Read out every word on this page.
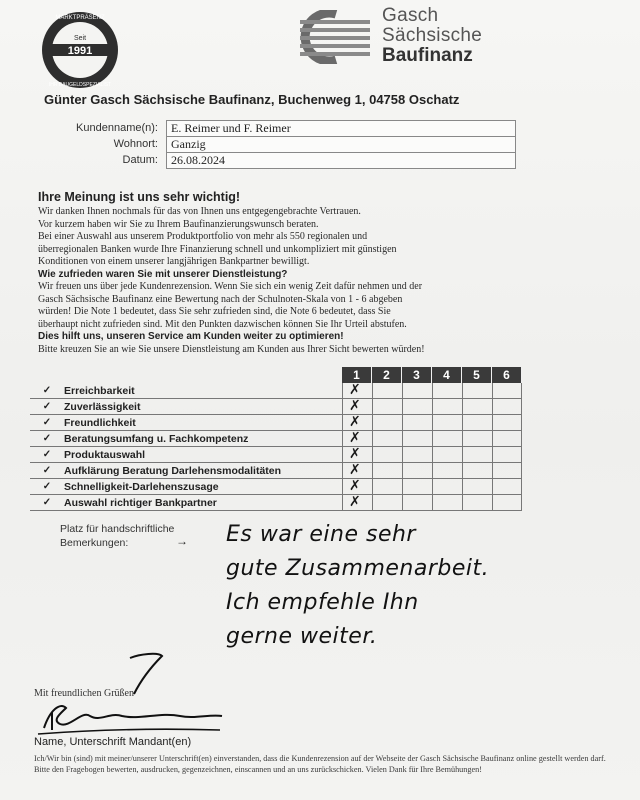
Seit
1991
MARKTPRÄSENZ
IHR BAUGELDSPEZIALIST
Gasch
Sächsische
Baufinanz
Günter Gasch Sächsische Baufinanz, Buchenweg 1, 04758 Oschatz
Kundenname(n):	E. Reimer und F. Reimer
Wohnort:	Ganzig
Datum:	26.08.2024

Ihre Meinung ist uns sehr wichtig!

Wir danken Ihnen nochmals für das von Ihnen uns entgegengebrachte Vertrauen.

Vor kurzem haben wir Sie zu Ihrem Baufinanzierungswunsch beraten.

Bei einer Auswahl aus unserem Produktportfolio von mehr als 550 regionalen und

überregionalen Banken wurde Ihre Finanzierung schnell und unkompliziert mit günstigen

Konditionen von einem unserer langjährigen Bankpartner bewilligt.

Wie zufrieden waren Sie mit unserer Dienstleistung?

Wir freuen uns über jede Kundenrezension. Wenn Sie sich ein wenig Zeit dafür nehmen und der

Gasch Sächsische Baufinanz eine Bewertung nach der Schulnoten-Skala von 1 - 6 abgeben

würden! Die Note 1 bedeutet, dass Sie sehr zufrieden sind, die Note 6 bedeutet, dass Sie

überhaupt nicht zufrieden sind. Mit den Punkten dazwischen können Sie Ihr Urteil abstufen.

Dies hilft uns, unseren Service am Kunden weiter zu optimieren!

Bitte kreuzen Sie an wie Sie unsere Dienstleistung am Kunden aus Ihrer Sicht bewerten würden!

1	2	3	4	5	6
✓	Erreichbarkeit	✗
✓	Zuverlässigkeit	✗
✓	Freundlichkeit	✗
✓	Beratungsumfang u. Fachkompetenz	✗
✓	Produktauswahl	✗
✓	Aufklärung Beratung Darlehensmodalitäten	✗
✓	Schnelligkeit-Darlehenszusage	✗
✓	Auswahl richtiger Bankpartner	✗
Platz für handschriftliche
Bemerkungen:	→ Es war eine sehr
gute Zusammenarbeit.
Ich empfehle Ihn
gerne weiter.
Mit freundlichen Grüßen
Name, Unterschrift Mandant(en)
Ich/Wir bin (sind) mit meiner/unserer Unterschrift(en) einverstanden, dass die Kundenrezension auf der Webseite der Gasch Sächsische Baufinanz online gestellt werden darf. Bitte den Fragebogen bewerten, ausdrucken, gegenzeichnen, einscannen und an uns zurückschicken. Vielen Dank für Ihre Bemühungen!
